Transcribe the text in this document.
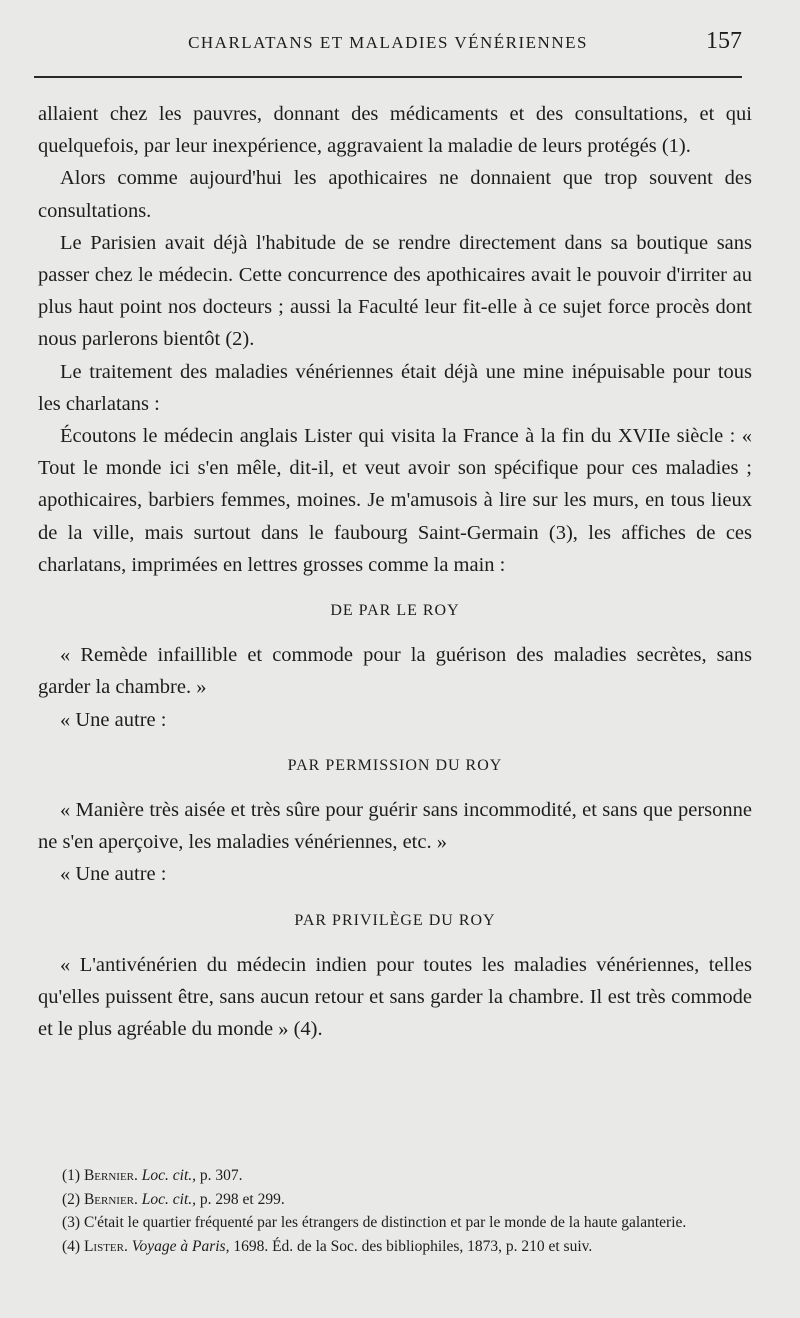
CHARLATANS ET MALADIES VÉNÉRIENNES	157

allaient chez les pauvres, donnant des médicaments et des consultations, et qui quelquefois, par leur inexpérience, aggravaient la maladie de leurs protégés (1).

Alors comme aujourd'hui les apothicaires ne donnaient que trop souvent des consultations.

Le Parisien avait déjà l'habitude de se rendre directement dans sa boutique sans passer chez le médecin. Cette concurrence des apothicaires avait le pouvoir d'irriter au plus haut point nos docteurs ; aussi la Faculté leur fit-elle à ce sujet force procès dont nous parlerons bientôt (2).

Le traitement des maladies vénériennes était déjà une mine inépuisable pour tous les charlatans :

Écoutons le médecin anglais Lister qui visita la France à la fin du XVIIe siècle : « Tout le monde ici s'en mêle, dit-il, et veut avoir son spécifique pour ces maladies ; apothicaires, barbiers femmes, moines. Je m'amusois à lire sur les murs, en tous lieux de la ville, mais surtout dans le faubourg Saint-Germain (3), les affiches de ces charlatans, imprimées en lettres grosses comme la main :

DE PAR LE ROY

« Remède infaillible et commode pour la guérison des maladies secrètes, sans garder la chambre. »

« Une autre :

PAR PERMISSION DU ROY

« Manière très aisée et très sûre pour guérir sans incommodité, et sans que personne ne s'en aperçoive, les maladies vénériennes, etc. »

« Une autre :

PAR PRIVILÈGE DU ROY

« L'antivénérien du médecin indien pour toutes les maladies vénériennes, telles qu'elles puissent être, sans aucun retour et sans garder la chambre. Il est très commode et le plus agréable du monde » (4).

(1) Bernier. Loc. cit., p. 307.

(2) Bernier. Loc. cit., p. 298 et 299.

(3) C'était le quartier fréquenté par les étrangers de distinction et par le monde de la haute galanterie.

(4) Lister. Voyage à Paris, 1698. Éd. de la Soc. des bibliophiles, 1873, p. 210 et suiv.
